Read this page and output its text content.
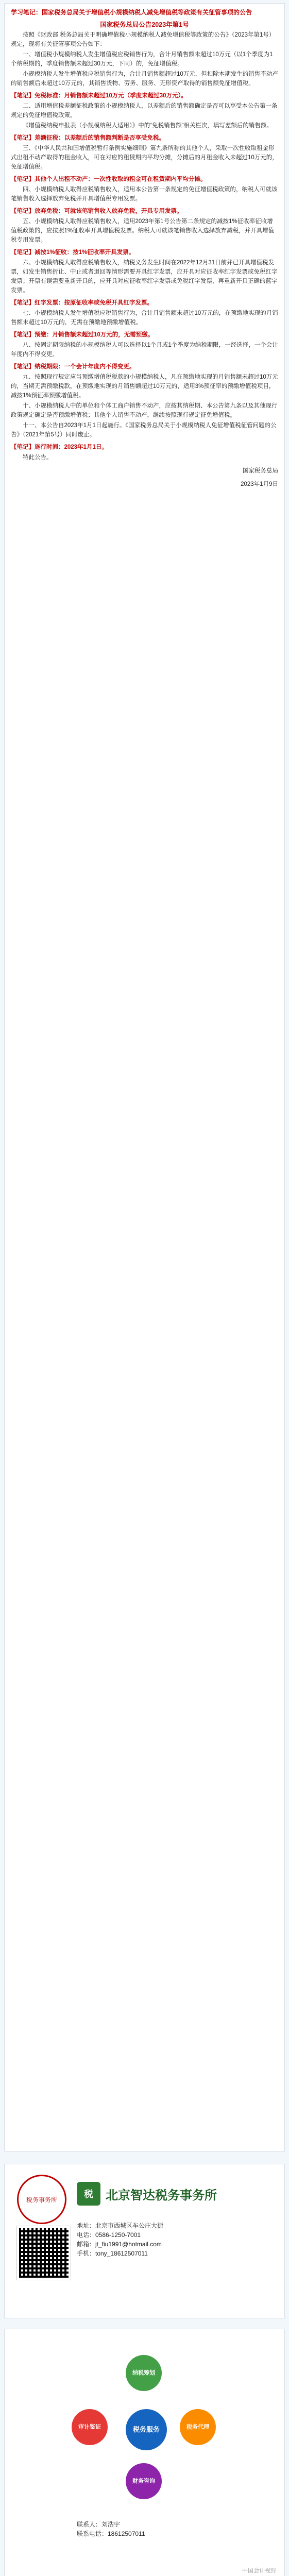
学习笔记：国家税务总局关于增值税小规模纳税人减免增值税等政策有关征管事项的公告
国家税务总局公告2023年第1号
按照《财政部 税务总局关于明确增值税小规模纳税人减免增值税等政策的公告》（2023年第1号）规定，现将有关征管事项公告如下：
一、增值税小规模纳税人发生增值税应税销售行为，合计月销售额未超过10万元（以1个季度为1个纳税期的，季度销售额未超过30万元，下同）的，免征增值税。
小规模纳税人发生增值税应税销售行为，合计月销售额超过10万元，但扣除本期发生的销售不动产的销售额后未超过10万元的，其销售货物、劳务、服务、无形资产取得的销售额免征增值税。
【笔记】免税标准：月销售额未超过10万元（季度未超过30万元）。
二、适用增值税差额征税政策的小规模纳税人，以差额后的销售额确定是否可以享受本公告第一条规定的免征增值税政策。
《增值税纳税申报表（小规模纳税人适用）》中的“免税销售额”相关栏次，填写差额后的销售额。
【笔记】差额征税：以差额后的销售额判断是否享受免税。
三、《中华人民共和国增值税暂行条例实施细则》第九条所称的其他个人，采取一次性收取租金形式出租不动产取得的租金收入，可在对应的租赁期内平均分摊，分摊后的月租金收入未超过10万元的，免征增值税。
【笔记】其他个人出租不动产：一次性收取的租金可在租赁期内平均分摊。
四、小规模纳税人取得应税销售收入，适用本公告第一条规定的免征增值税政策的，纳税人可就该笔销售收入选择放弃免税并开具增值税专用发票。
【笔记】放弃免税：可就该笔销售收入放弃免税，开具专用发票。
五、小规模纳税人取得应税销售收入，适用2023年第1号公告第二条规定的减按1%征收率征收增值税政策的，应按照1%征收率开具增值税发票。纳税人可就该笔销售收入选择放弃减税，并开具增值税专用发票。
【笔记】减按1%征收：按1%征收率开具发票。
六、小规模纳税人取得应税销售收入，纳税义务发生时间在2022年12月31日前并已开具增值税发票，如发生销售折让、中止或者退回等情形需要开具红字发票，应开具对应征收率红字发票或免税红字发票；开票有误需要重新开具的，应开具对应征收率红字发票或免税红字发票，再重新开具正确的蓝字发票。
【笔记】红字发票：按原征收率或免税开具红字发票。
七、小规模纳税人发生增值税应税销售行为，合计月销售额未超过10万元的，在预缴地实现的月销售额未超过10万元的，无需在预缴地预缴增值税。
【笔记】预缴：月销售额未超过10万元的，无需预缴。
八、按固定期限纳税的小规模纳税人可以选择以1个月或1个季度为纳税期限，一经选择，一个会计年度内不得变更。
【笔记】纳税期限：一个会计年度内不得变更。
九、按照现行规定应当预缴增值税税款的小规模纳税人，凡在预缴地实现的月销售额未超过10万元的，当期无需预缴税款。在预缴地实现的月销售额超过10万元的，适用3%预征率的预缴增值税项目，减按1%预征率预缴增值税。
十、小规模纳税人中的单位和个体工商户销售不动产，应按其纳税期、本公告第九条以及其他现行政策规定确定是否预缴增值税；其他个人销售不动产，继续按照现行规定征免增值税。
十一、本公告自2023年1月1日起施行。《国家税务总局关于小规模纳税人免征增值税征管问题的公告》（2021年第5号）同时废止。
【笔记】施行时间：2023年1月1日。
特此公告。
国家税务总局
2023年1月9日
税务事务所
税 北京智达税务事务所
地址：北京市西城区车公庄大街
电话：0586-1250-7001
邮箱：jt_fiu1991@hotmail.com
手机：tony_18612507011
税务服务
纳税筹划
税务代理
财务咨询
审计鉴证
联系人：刘浩宇
联系电话：18612507011
中国会计视野
